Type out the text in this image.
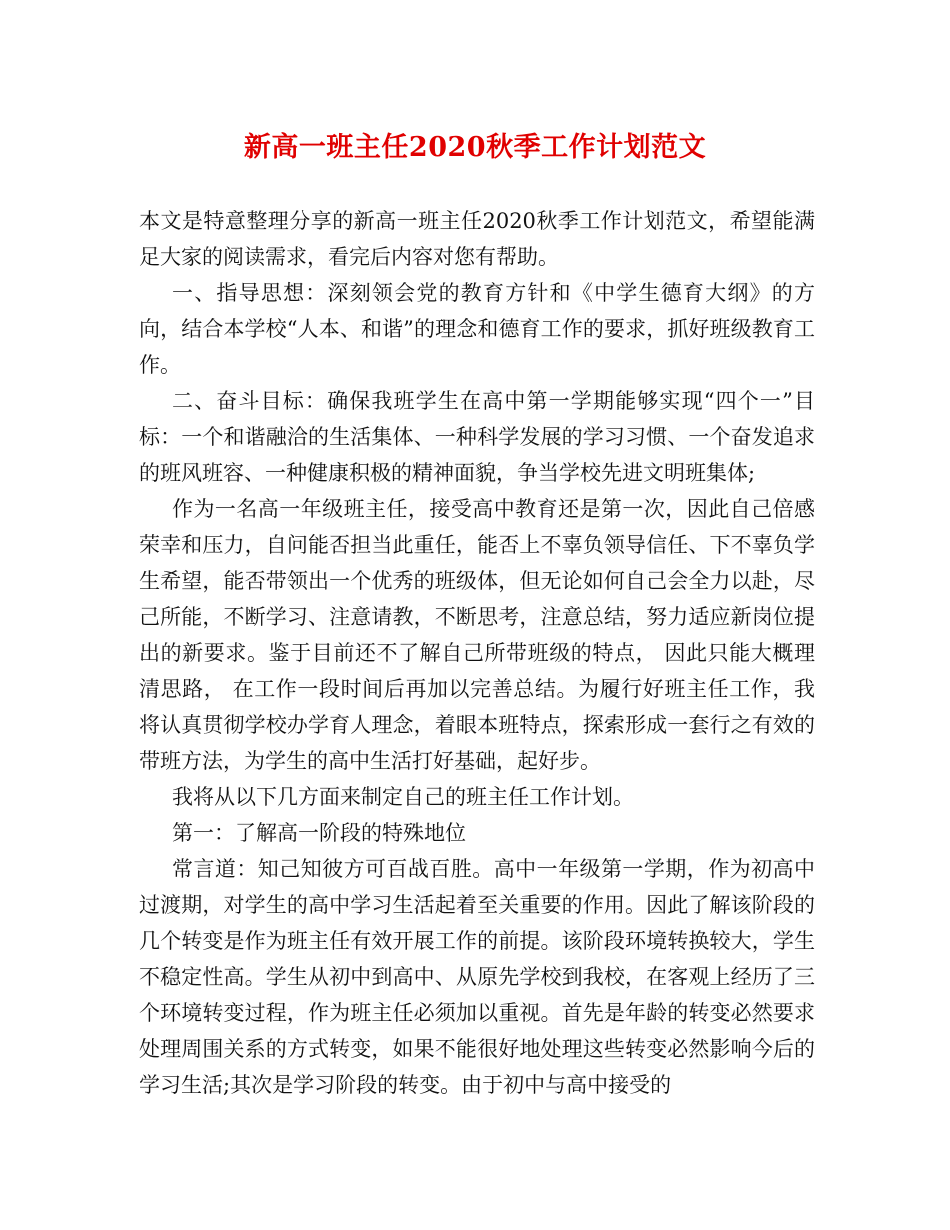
新高一班主任2020秋季工作计划范文

本文是特意整理分享的新高一班主任2020秋季工作计划范文，希望能满足大家的阅读需求，看完后内容对您有帮助。

一、指导思想：深刻领会党的教育方针和《中学生德育大纲》的方向，结合本学校“人本、和谐”的理念和德育工作的要求，抓好班级教育工作。

二、奋斗目标：确保我班学生在高中第一学期能够实现“四个一”目标：一个和谐融洽的生活集体、一种科学发展的学习习惯、一个奋发追求的班风班容、一种健康积极的精神面貌，争当学校先进文明班集体;

作为一名高一年级班主任，接受高中教育还是第一次，因此自己倍感荣幸和压力，自问能否担当此重任，能否上不辜负领导信任、下不辜负学生希望，能否带领出一个优秀的班级体，但无论如何自己会全力以赴，尽己所能，不断学习、注意请教，不断思考，注意总结，努力适应新岗位提出的新要求。鉴于目前还不了解自己所带班级的特点， 因此只能大概理清思路， 在工作一段时间后再加以完善总结。为履行好班主任工作，我将认真贯彻学校办学育人理念，着眼本班特点，探索形成一套行之有效的带班方法，为学生的高中生活打好基础，起好步。

我将从以下几方面来制定自己的班主任工作计划。

第一：了解高一阶段的特殊地位

常言道：知己知彼方可百战百胜。高中一年级第一学期，作为初高中过渡期，对学生的高中学习生活起着至关重要的作用。因此了解该阶段的几个转变是作为班主任有效开展工作的前提。该阶段环境转换较大，学生不稳定性高。学生从初中到高中、从原先学校到我校，在客观上经历了三个环境转变过程，作为班主任必须加以重视。首先是年龄的转变必然要求处理周围关系的方式转变，如果不能很好地处理这些转变必然影响今后的学习生活;其次是学习阶段的转变。由于初中与高中接受的
